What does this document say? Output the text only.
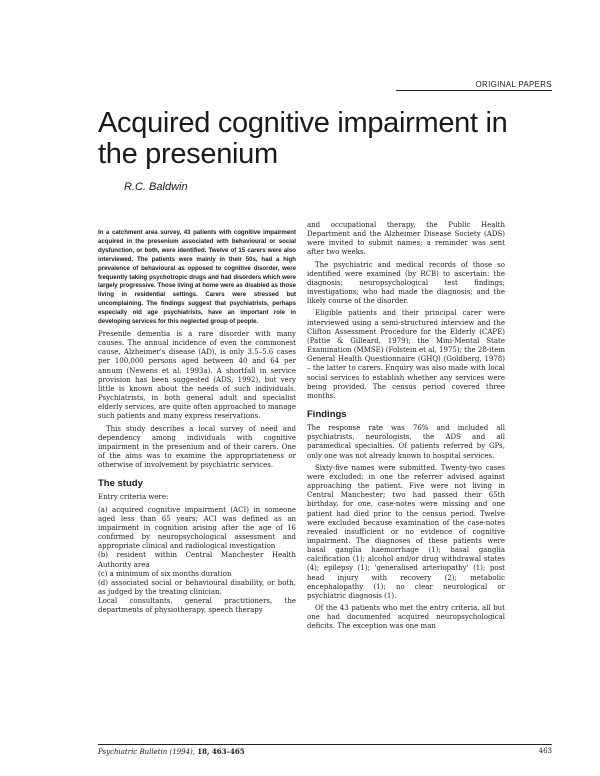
ORIGINAL PAPERS
Acquired cognitive impairment in the presenium
R.C. Baldwin

In a catchment area survey, 43 patients with cognitive impairment acquired in the presenium associated with behavioural or social dysfunction, or both, were identified. Twelve of 15 carers were also interviewed. The patients were mainly in their 50s, had a high prevalence of behavioural as opposed to cognitive disorder, were frequently taking psychotropic drugs and had disorders which were largely progressive. Those living at home were as disabled as those living in residential settings. Carers were stressed but uncomplaining. The findings suggest that psychiatrists, perhaps especially old age psychiatrists, have an important role in developing services for this neglected group of people.

Presenile dementia is a rare disorder with many causes. The annual incidence of even the commonest cause, Alzheimer's disease (AD), is only 3.5–5.6 cases per 100,000 persons aged between 40 and 64 per annum (Newens et al, 1993a). A shortfall in service provision has been suggested (ADS, 1992), but very little is known about the needs of such individuals. Psychiatrists, in both general adult and specialist elderly services, are quite often approached to manage such patients and many express reservations.

This study describes a local survey of need and dependency among individuals with cognitive impairment in the presenium and of their carers. One of the aims was to examine the appropriateness or otherwise of involvement by psychiatric services.

The study

Entry criteria were:

(a) acquired cognitive impairment (ACI) in someone aged less than 65 years; ACI was defined as an impairment in cognition arising after the age of 16 confirmed by neuropsychological assessment and appropriate clinical and radiological investigation

(b) resident within Central Manchester Health Authority area

(c) a minimum of six months duration

(d) associated social or behavioural disability, or both, as judged by the treating clinician.

Local consultants, general practitioners, the departments of physiotherapy, speech therapy

and occupational therapy, the Public Health Department and the Alzheimer Disease Society (ADS) were invited to submit names; a reminder was sent after two weeks.

The psychiatric and medical records of those so identified were examined (by RCB) to ascertain: the diagnosis; neuropsychological test findings; investigations; who had made the diagnosis; and the likely course of the disorder.

Eligible patients and their principal carer were interviewed using a semi-structured interview and the Clifton Assessment Procedure for the Elderly (CAPE) (Pattie & Gilleard, 1979); the Mini-Mental State Examination (MMSE) (Folstein et al, 1975); the 28-item General Health Questionnaire (GHQ) (Goldberg, 1978) – the latter to carers. Enquiry was also made with local social services to establish whether any services were being provided. The census period covered three months.

Findings

The response rate was 76% and included all psychiatrists, neurologists, the ADS and all paramedical specialties. Of patients referred by GPs, only one was not already known to hospital services.

Sixty-five names were submitted. Twenty-two cases were excluded: in one the referrer advised against approaching the patient. Five were not living in Central Manchester; two had passed their 65th birthday, for one, case-notes were missing and one patient had died prior to the census period. Twelve were excluded because examination of the case-notes revealed insufficient or no evidence of cognitive impairment. The diagnoses of these patients were basal ganglia haemorrhage (1); basal ganglia calcification (1); alcohol and/or drug withdrawal states (4); epilepsy (1); 'generalised arteriopathy' (1); post head injury with recovery (2); metabolic encephalopathy (1); no clear neurological or psychiatric diagnosis (1).

Of the 43 patients who met the entry criteria, all but one had documented acquired neuropsychological deficits. The exception was one man

Psychiatric Bulletin (1994), 18, 463–465	463
